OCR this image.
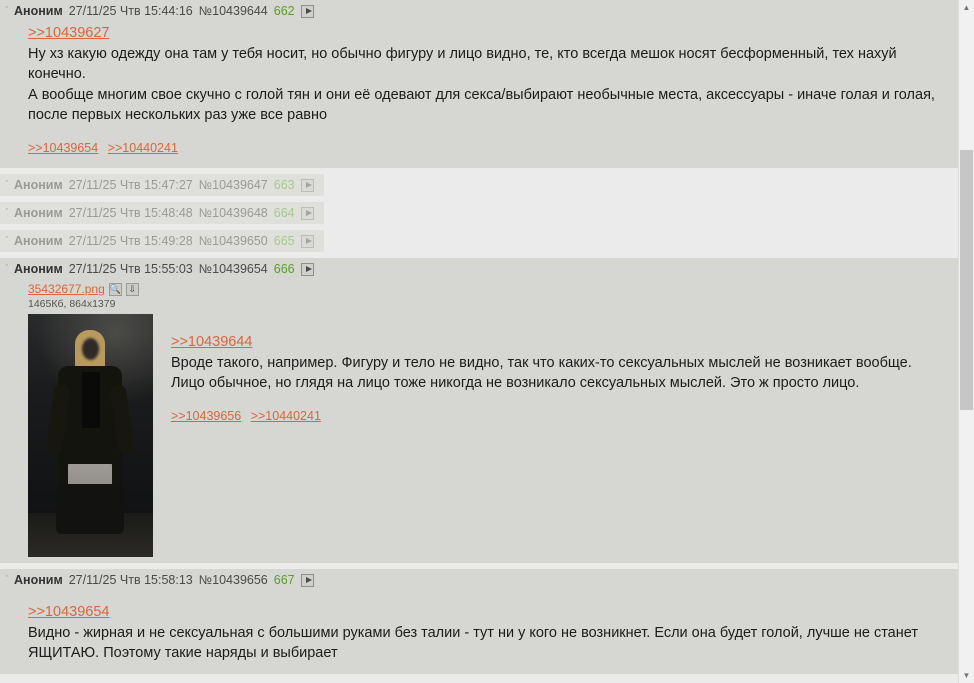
· Аноним 27/11/25 Чтв 15:44:16 №10439644 662
>>10439627
Ну хз какую одежду она там у тебя носит, но обычно фигуру и лицо видно, те, кто всегда мешок носят бесформенный, тех нахуй конечно.
А вообще многим свое скучно с голой тян и они её одевают для секса/выбирают необычные места, аксессуары - иначе голая и голая, после первых нескольких раз уже все равно
>>10439654 >>10440241
· Аноним 27/11/25 Чтв 15:47:27 №10439647 663
· Аноним 27/11/25 Чтв 15:48:48 №10439648 664
· Аноним 27/11/25 Чтв 15:49:28 №10439650 665
· Аноним 27/11/25 Чтв 15:55:03 №10439654 666
35432677.png 🔍 ⇩
1465Кб, 864x1379
>>10439644
Вроде такого, например. Фигуру и тело не видно, так что каких-то сексуальных мыслей не возникает вообще. Лицо обычное, но глядя на лицо тоже никогда не возникало сексуальных мыслей. Это ж просто лицо.
>>10439656 >>10440241
· Аноним 27/11/25 Чтв 15:58:13 №10439656 667
>>10439654
Видно - жирная и не сексуальная с большими руками без талии - тут ни у кого не возникнет. Если она будет голой, лучше не станет ЯЩИТАЮ. Поэтому такие наряды и выбирает
▲
▼
